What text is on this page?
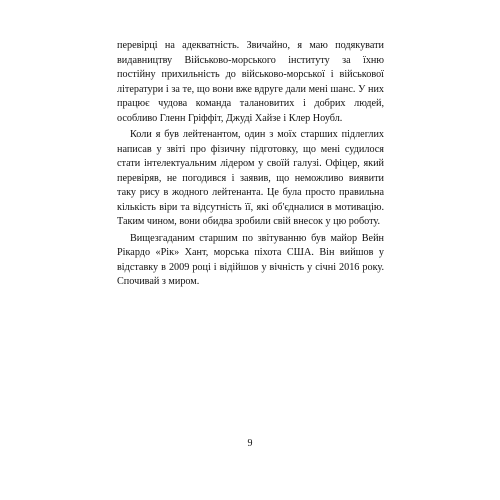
перевірці на адекватність. Звичайно, я маю подякувати видавництву Військово-морського інституту за їхню постійну прихильність до військово-морської і військової літератури і за те, що вони вже вдруге дали мені шанс. У них працює чудова команда талановитих і добрих людей, особливо Гленн Гріффіт, Джуді Хайзе і Клер Ноубл.

Коли я був лейтенантом, один з моїх старших підлеглих написав у звіті про фізичну підготовку, що мені судилося стати інтелектуальним лідером у своїй галузі. Офіцер, який перевіряв, не погодився і заявив, що неможливо виявити таку рису в жодного лейтенанта. Це була просто правильна кількість віри та відсутність її, які об'єдналися в мотивацію. Таким чином, вони обидва зробили свій внесок у цю роботу.

Вищезгаданим старшим по звітуванню був майор Вейн Рікардо «Рік» Хант, морська піхота США. Він вийшов у відставку в 2009 році і відійшов у вічність у січні 2016 року. Спочивай з миром.

9
